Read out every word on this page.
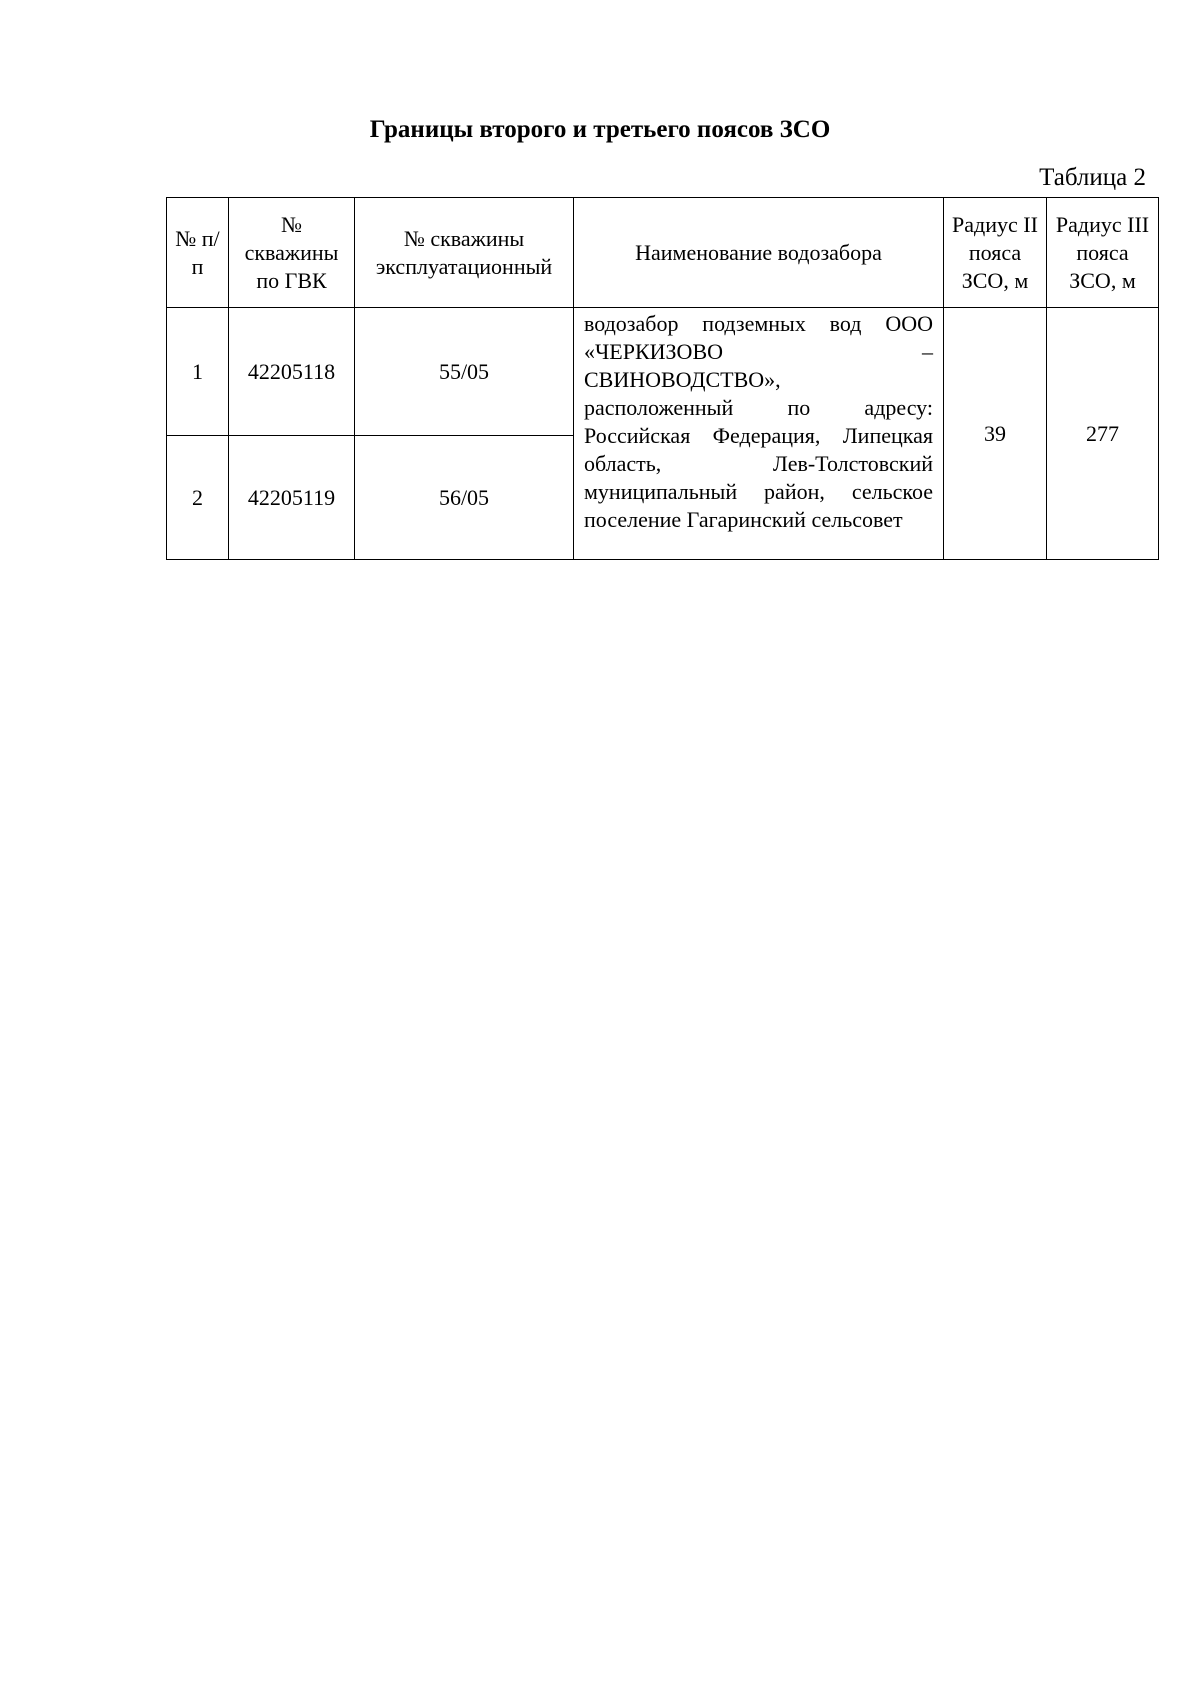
Границы второго и третьего поясов ЗСО
Таблица 2
№ п/п	№ скважины по ГВК	№ скважины эксплуатационный	Наименование водозабора	Радиус II пояса ЗСО, м	Радиус III пояса ЗСО, м
1	42205118	55/05	водозабор подземных вод ООО «ЧЕРКИЗОВО – СВИНОВОДСТВО», расположенный по адресу: Российская Федерация, Липецкая область, Лев-Толстовский муниципальный район, сельское поселение Гагаринский сельсовет	39	277
2	42205119	56/05			
